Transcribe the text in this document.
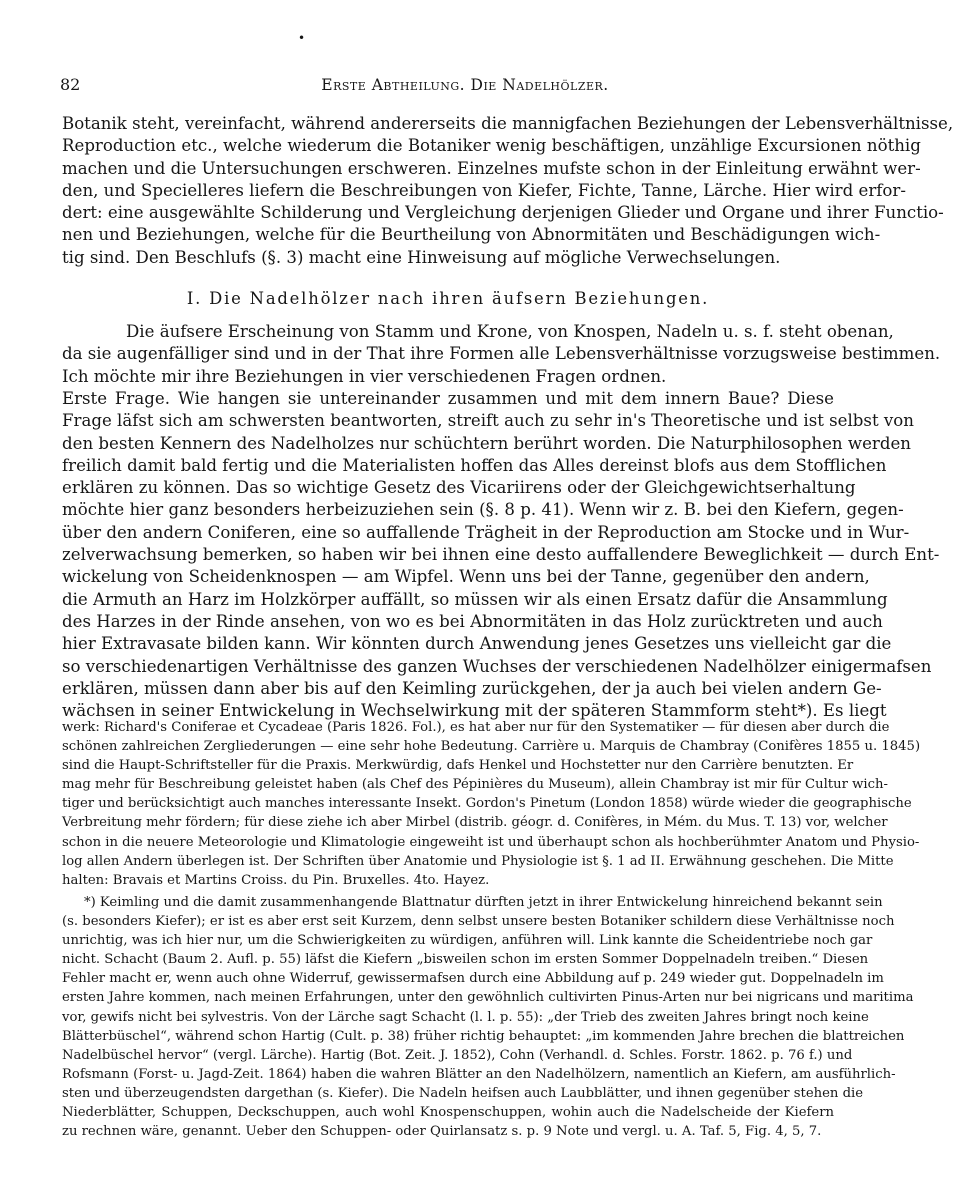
•
82	Erste Abtheilung. Die Nadelhölzer.
Botanik steht, vereinfacht, während andererseits die mannigfachen Beziehungen der Lebensverhältnisse,
Reproduction etc., welche wiederum die Botaniker wenig beschäftigen, unzählige Excursionen nöthig
machen und die Untersuchungen erschweren. Einzelnes mufste schon in der Einleitung erwähnt wer-
den, und Specielleres liefern die Beschreibungen von Kiefer, Fichte, Tanne, Lärche. Hier wird erfor-
dert: eine ausgewählte Schilderung und Vergleichung derjenigen Glieder und Organe und ihrer Functio-
nen und Beziehungen, welche für die Beurtheilung von Abnormitäten und Beschädigungen wich-
tig sind. Den Beschlufs (§. 3) macht eine Hinweisung auf mögliche Verwechselungen.
I. Die Nadelhölzer nach ihren äufsern Beziehungen.
Die äufsere Erscheinung von Stamm und Krone, von Knospen, Nadeln u. s. f. steht obenan,
da sie augenfälliger sind und in der That ihre Formen alle Lebensverhältnisse vorzugsweise bestimmen.
Ich möchte mir ihre Beziehungen in vier verschiedenen Fragen ordnen.
Erste Frage. Wie hangen sie untereinander zusammen und mit dem innern Baue? Diese
Frage läfst sich am schwersten beantworten, streift auch zu sehr in's Theoretische und ist selbst von
den besten Kennern des Nadelholzes nur schüchtern berührt worden. Die Naturphilosophen werden
freilich damit bald fertig und die Materialisten hoffen das Alles dereinst blofs aus dem Stofflichen
erklären zu können. Das so wichtige Gesetz des Vicariirens oder der Gleichgewichtserhaltung
möchte hier ganz besonders herbeizuziehen sein (§. 8 p. 41). Wenn wir z. B. bei den Kiefern, gegen-
über den andern Coniferen, eine so auffallende Trägheit in der Reproduction am Stocke und in Wur-
zelverwachsung bemerken, so haben wir bei ihnen eine desto auffallendere Beweglichkeit — durch Ent-
wickelung von Scheidenknospen — am Wipfel. Wenn uns bei der Tanne, gegenüber den andern,
die Armuth an Harz im Holzkörper auffällt, so müssen wir als einen Ersatz dafür die Ansammlung
des Harzes in der Rinde ansehen, von wo es bei Abnormitäten in das Holz zurücktreten und auch
hier Extravasate bilden kann. Wir könnten durch Anwendung jenes Gesetzes uns vielleicht gar die
so verschiedenartigen Verhältnisse des ganzen Wuchses der verschiedenen Nadelhölzer einigermafsen
erklären, müssen dann aber bis auf den Keimling zurückgehen, der ja auch bei vielen andern Ge-
wächsen in seiner Entwickelung in Wechselwirkung mit der späteren Stammform steht*). Es liegt
werk: Richard's Coniferae et Cycadeae (Paris 1826. Fol.), es hat aber nur für den Systematiker — für diesen aber durch die
schönen zahlreichen Zergliederungen — eine sehr hohe Bedeutung. Carrière u. Marquis de Chambray (Conifères 1855 u. 1845)
sind die Haupt-Schriftsteller für die Praxis. Merkwürdig, dafs Henkel und Hochstetter nur den Carrière benutzten. Er
mag mehr für Beschreibung geleistet haben (als Chef des Pépinières du Museum), allein Chambray ist mir für Cultur wich-
tiger und berücksichtigt auch manches interessante Insekt. Gordon's Pinetum (London 1858) würde wieder die geographische
Verbreitung mehr fördern; für diese ziehe ich aber Mirbel (distrib. géogr. d. Conifères, in Mém. du Mus. T. 13) vor, welcher
schon in die neuere Meteorologie und Klimatologie eingeweiht ist und überhaupt schon als hochberühmter Anatom und Physio-
log allen Andern überlegen ist. Der Schriften über Anatomie und Physiologie ist §. 1 ad II. Erwähnung geschehen. Die Mitte
halten: Bravais et Martins Croiss. du Pin. Bruxelles. 4to. Hayez.
*) Keimling und die damit zusammenhangende Blattnatur dürften jetzt in ihrer Entwickelung hinreichend bekannt sein
(s. besonders Kiefer); er ist es aber erst seit Kurzem, denn selbst unsere besten Botaniker schildern diese Verhältnisse noch
unrichtig, was ich hier nur, um die Schwierigkeiten zu würdigen, anführen will. Link kannte die Scheidentriebe noch gar
nicht. Schacht (Baum 2. Aufl. p. 55) läfst die Kiefern „bisweilen schon im ersten Sommer Doppelnadeln treiben.“ Diesen
Fehler macht er, wenn auch ohne Widerruf, gewissermafsen durch eine Abbildung auf p. 249 wieder gut. Doppelnadeln im
ersten Jahre kommen, nach meinen Erfahrungen, unter den gewöhnlich cultivirten Pinus-Arten nur bei nigricans und maritima
vor, gewifs nicht bei sylvestris. Von der Lärche sagt Schacht (l. l. p. 55): „der Trieb des zweiten Jahres bringt noch keine
Blätterbüschel“, während schon Hartig (Cult. p. 38) früher richtig behauptet: „im kommenden Jahre brechen die blattreichen
Nadelbüschel hervor“ (vergl. Lärche). Hartig (Bot. Zeit. J. 1852), Cohn (Verhandl. d. Schles. Forstr. 1862. p. 76 f.) und
Rofsmann (Forst- u. Jagd-Zeit. 1864) haben die wahren Blätter an den Nadelhölzern, namentlich an Kiefern, am ausführlich-
sten und überzeugendsten dargethan (s. Kiefer). Die Nadeln heifsen auch Laubblätter, und ihnen gegenüber stehen die
Niederblätter, Schuppen, Deckschuppen, auch wohl Knospenschuppen, wohin auch die Nadelscheide der Kiefern
zu rechnen wäre, genannt. Ueber den Schuppen- oder Quirlansatz s. p. 9 Note und vergl. u. A. Taf. 5, Fig. 4, 5, 7.
